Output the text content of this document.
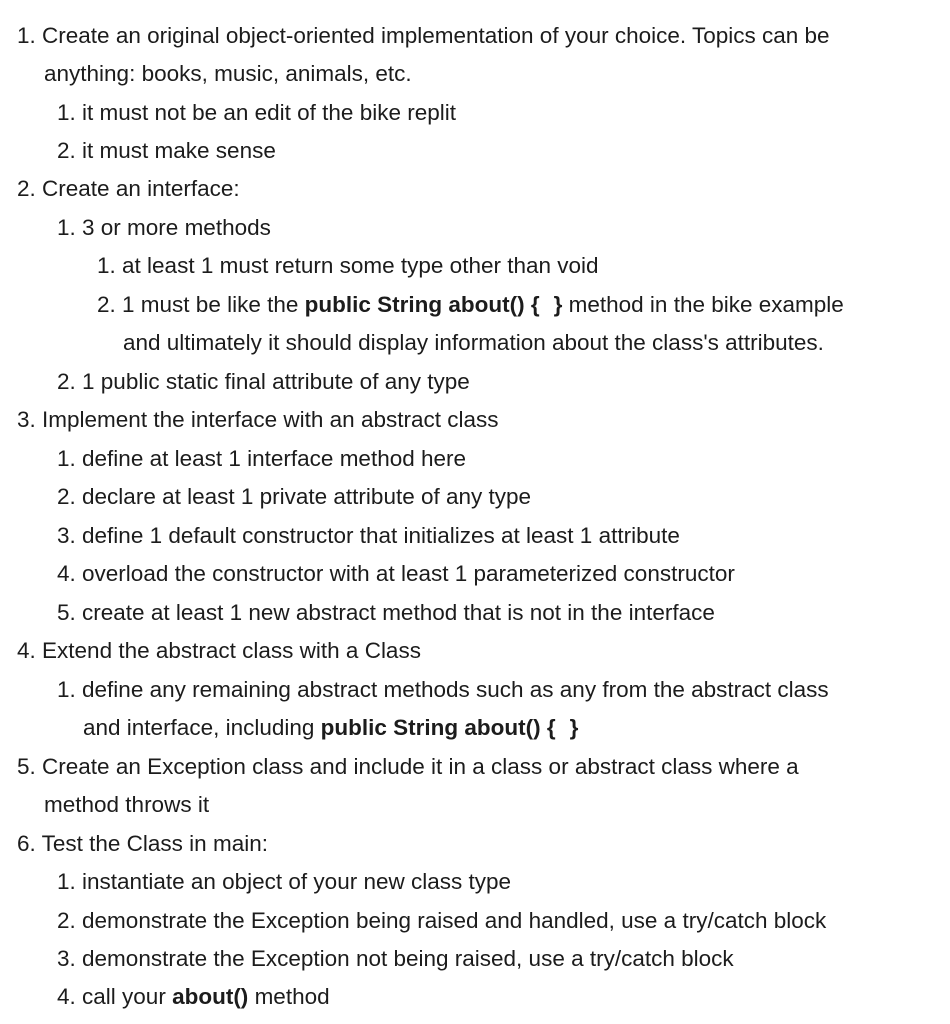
1. Create an original object-oriented implementation of your choice. Topics can be
anything: books, music, animals, etc.
1. it must not be an edit of the bike replit
2. it must make sense
2. Create an interface:
1. 3 or more methods
1. at least 1 must return some type other than void
2. 1 must be like the public String about() { } method in the bike example
and ultimately it should display information about the class's attributes.
2. 1 public static final attribute of any type
3. Implement the interface with an abstract class
1. define at least 1 interface method here
2. declare at least 1 private attribute of any type
3. define 1 default constructor that initializes at least 1 attribute
4. overload the constructor with at least 1 parameterized constructor
5. create at least 1 new abstract method that is not in the interface
4. Extend the abstract class with a Class
1. define any remaining abstract methods such as any from the abstract class
and interface, including public String about() { }
5. Create an Exception class and include it in a class or abstract class where a
method throws it
6. Test the Class in main:
1. instantiate an object of your new class type
2. demonstrate the Exception being raised and handled, use a try/catch block
3. demonstrate the Exception not being raised, use a try/catch block
4. call your about() method
